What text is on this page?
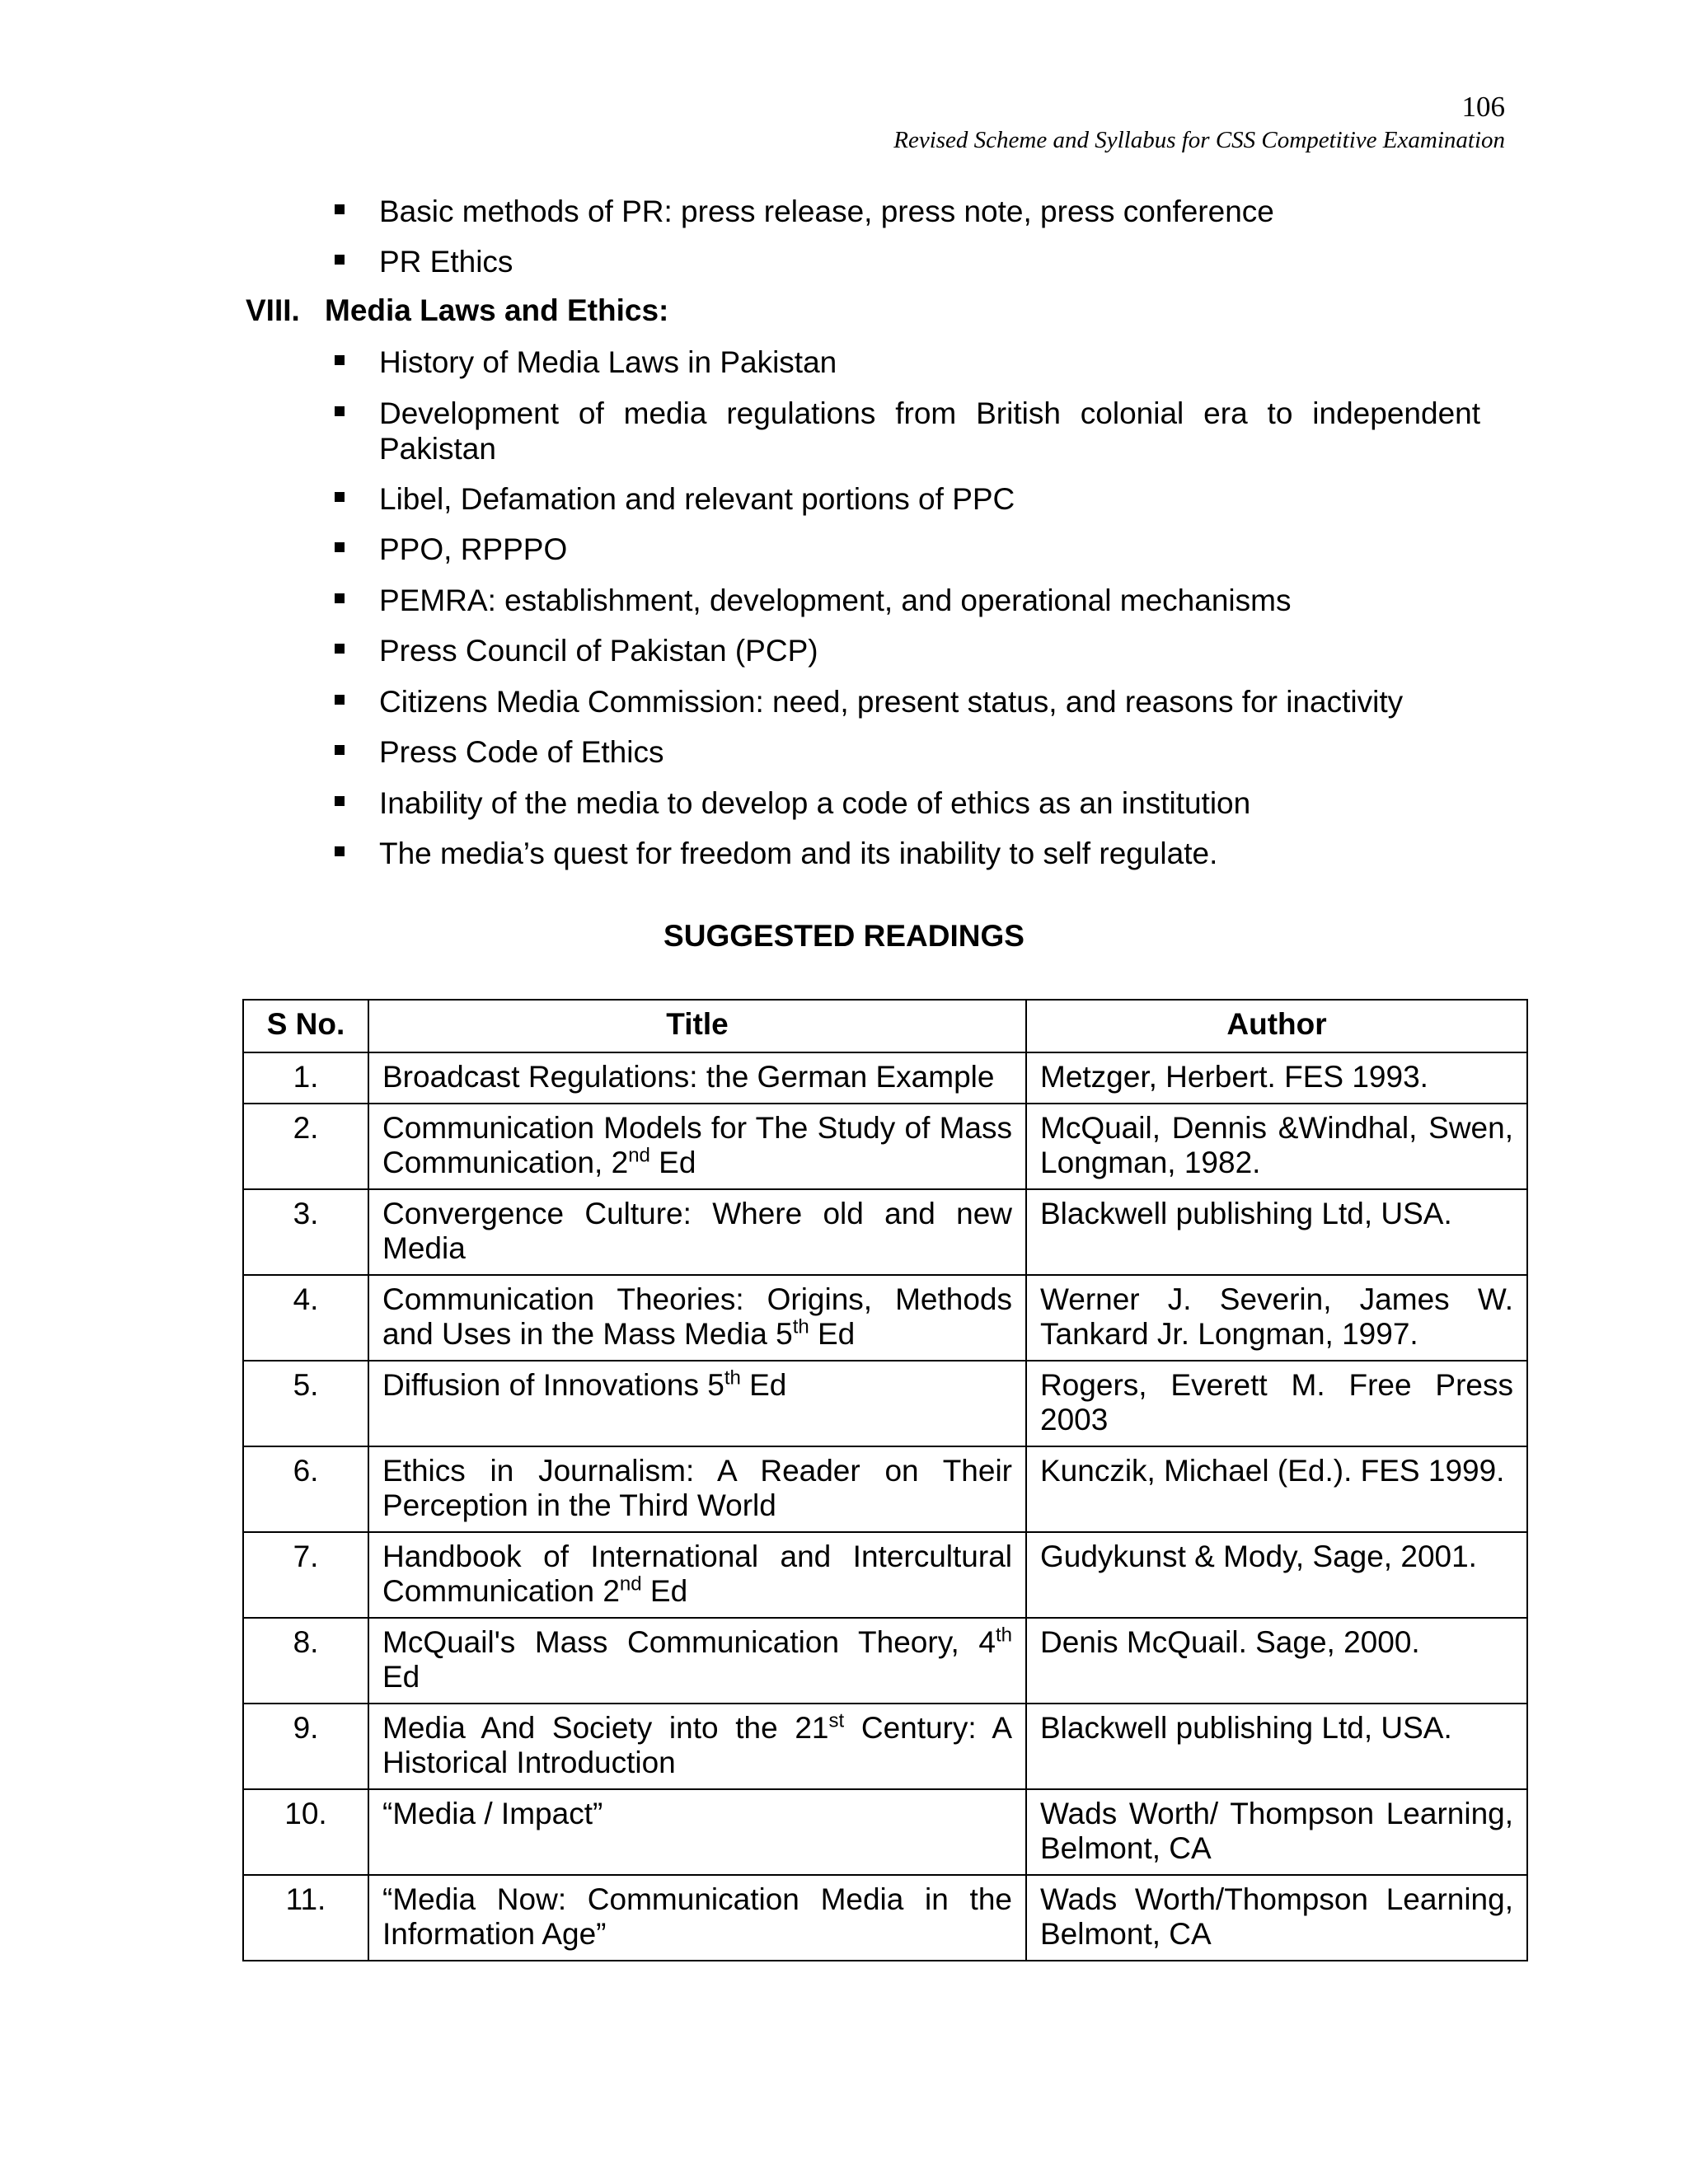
106
Revised Scheme and Syllabus for CSS Competitive Examination
Basic methods of PR: press release, press note, press conference
PR Ethics
VIII. Media Laws and Ethics:
History of Media Laws in Pakistan
Development of media regulations from British colonial era to independent Pakistan
Libel, Defamation and relevant portions of PPC
PPO, RPPPO
PEMRA: establishment, development, and operational mechanisms
Press Council of Pakistan (PCP)
Citizens Media Commission: need, present status, and reasons for inactivity
Press Code of Ethics
Inability of the media to develop a code of ethics as an institution
The media’s quest for freedom and its inability to self regulate.
SUGGESTED READINGS
S No.	Title	Author
1.	Broadcast Regulations: the German Example	Metzger, Herbert. FES 1993.
2.	Communication Models for The Study of Mass Communication, 2nd Ed	McQuail, Dennis &Windhal, Swen, Longman, 1982.
3.	Convergence Culture: Where old and new Media	Blackwell publishing Ltd, USA.
4.	Communication Theories: Origins, Methods and Uses in the Mass Media 5th Ed	Werner J. Severin, James W. Tankard Jr. Longman, 1997.
5.	Diffusion of Innovations 5th Ed	Rogers, Everett M. Free Press 2003
6.	Ethics in Journalism: A Reader on Their Perception in the Third World	Kunczik, Michael (Ed.). FES 1999.
7.	Handbook of International and Intercultural Communication 2nd Ed	Gudykunst & Mody, Sage, 2001.
8.	McQuail's Mass Communication Theory, 4th Ed	Denis McQuail. Sage, 2000.
9.	Media And Society into the 21st Century: A Historical Introduction	Blackwell publishing Ltd, USA.
10.	“Media / Impact”	Wads Worth/ Thompson Learning, Belmont, CA
11.	“Media Now: Communication Media in the Information Age”	Wads Worth/Thompson Learning, Belmont, CA
